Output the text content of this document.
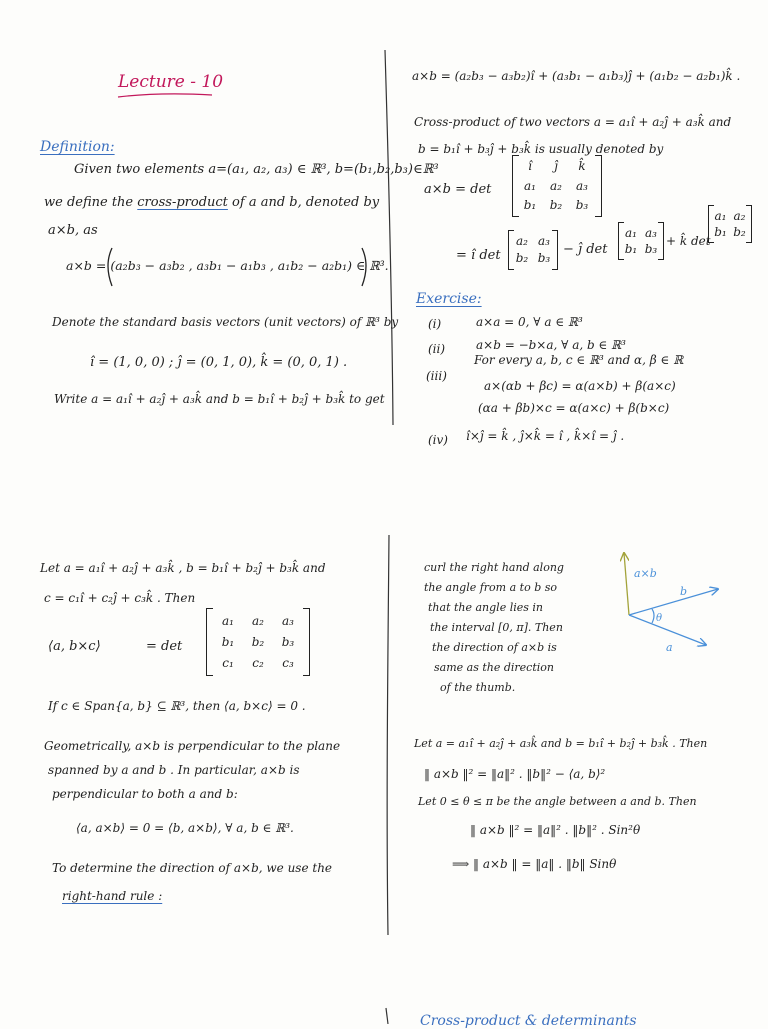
Lecture - 10
Definition:
Given two elements a=(a₁, a₂, a₃) ∈ ℝ³, b=(b₁,b₂,b₃)∈ℝ³
we define the cross-product of a and b, denoted by
a×b, as
a×b = (a₂b₃ − a₃b₂ , a₃b₁ − a₁b₃ , a₁b₂ − a₂b₁) ∈ ℝ³.
Denote the standard basis vectors (unit vectors) of ℝ³ by
î = (1, 0, 0) ; ĵ = (0, 1, 0), k̂ = (0, 0, 1) .
Write a = a₁î + a₂ĵ + a₃k̂ and b = b₁î + b₂ĵ + b₃k̂ to get
a×b = (a₂b₃ − a₃b₂)î + (a₃b₁ − a₁b₃)ĵ + (a₁b₂ − a₂b₁)k̂ .
Cross-product of two vectors a = a₁î + a₂ĵ + a₃k̂ and
b = b₁î + b₃ĵ + b₃k̂ is usually denoted by
a×b = det
î	ĵ	k̂
a₁	a₂	a₃
b₁	b₂	b₃
= î det
a₂ a₃
b₂ b₃
− ĵ det
a₁ a₃
b₁ b₃
+ k̂ det
a₁ a₂
b₁ b₂
Exercise:
(i)	a×a = 0, ∀ a ∈ ℝ³
(ii)	a×b = −b×a, ∀ a, b ∈ ℝ³
(iii)
For every a, b, c ∈ ℝ³ and α, β ∈ ℝ
a×(αb + βc) = α(a×b) + β(a×c)
(αa + βb)×c = α(a×c) + β(b×c)
(iv) î×ĵ = k̂ , ĵ×k̂ = î , k̂×î = ĵ .
Let a = a₁î + a₂ĵ + a₃k̂ , b = b₁î + b₂ĵ + b₃k̂ and
c = c₁î + c₂ĵ + c₃k̂ . Then
⟨a, b×c⟩	= det
a₁	a₂	a₃
b₁	b₂	b₃
c₁	c₂	c₃
If c ∈ Span{a, b} ⊆ ℝ³, then ⟨a, b×c⟩ = 0 .
Geometrically, a×b is perpendicular to the plane
spanned by a and b . In particular, a×b is
perpendicular to both a and b:
⟨a, a×b⟩ = 0 = ⟨b, a×b⟩, ∀ a, b ∈ ℝ³.
To determine the direction of a×b, we use the
right-hand rule :
curl the right hand along
the angle from a to b so
that the angle lies in
the interval [0, π]. Then
the direction of a×b is
same as the direction
of the thumb.
a×b
b
a
θ
Let a = a₁î + a₂ĵ + a₃k̂ and b = b₁î + b₂ĵ + b₃k̂ . Then
‖ a×b ‖² = ‖a‖² . ‖b‖² − ⟨a, b⟩²
Let 0 ≤ θ ≤ π be the angle between a and b. Then
‖ a×b ‖² = ‖a‖² . ‖b‖² . Sin²θ
⟹ ‖ a×b ‖ = ‖a‖ . ‖b‖ Sinθ
Cross-product & determinants
